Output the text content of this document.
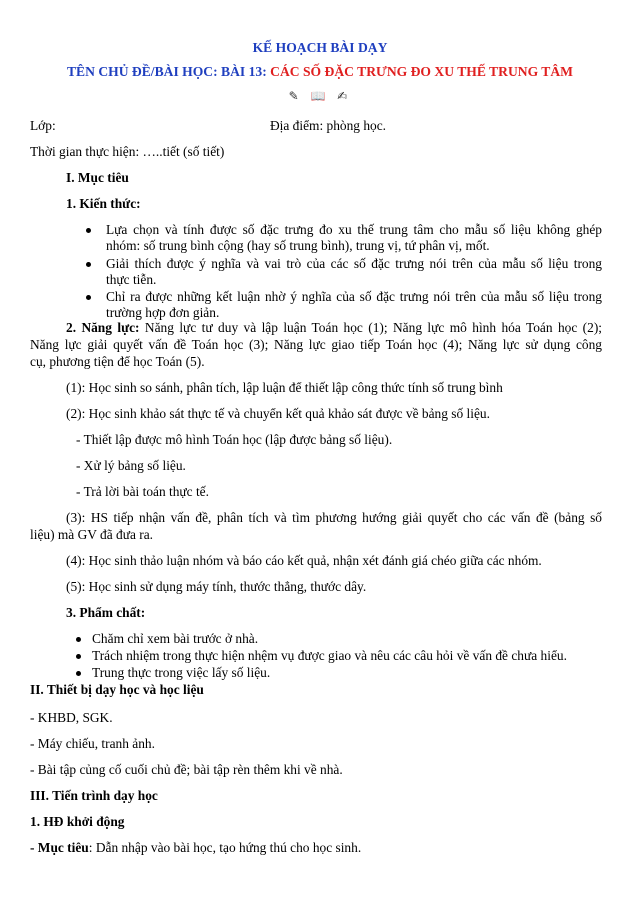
KẾ HOẠCH BÀI DẠY
TÊN CHỦ ĐỀ/BÀI HỌC: BÀI 13: CÁC SỐ ĐẶC TRƯNG ĐO XU THẾ TRUNG TÂM
✎ 📖 ✍
Lớp:	Địa điểm: phòng học.
Thời gian thực hiện: …..tiết (số tiết)
I. Mục tiêu
1. Kiến thức:
Lựa chọn và tính được số đặc trưng đo xu thế trung tâm cho mẫu số liệu không ghép
nhóm: số trung bình cộng (hay số trung bình), trung vị, tứ phân vị, mốt.
Giải thích được ý nghĩa và vai trò của các số đặc trưng nói trên của mẫu số liệu trong
thực tiễn.
Chỉ ra được những kết luận nhờ ý nghĩa của số đặc trưng nói trên của mẫu số liệu trong
trường hợp đơn giản.
2. Năng lực: Năng lực tư duy và lập luận Toán học (1); Năng lực mô hình hóa Toán học (2);
Năng lực giải quyết vấn đề Toán học (3); Năng lực giao tiếp Toán học (4); Năng lực sử dụng công
cụ, phương tiện để học Toán (5).
(1): Học sinh so sánh, phân tích, lập luận để thiết lập công thức tính số trung bình
(2): Học sinh khảo sát thực tế và chuyển kết quả khảo sát được về bảng số liệu.
- Thiết lập được mô hình Toán học (lập được bảng số liệu).
- Xử lý bảng số liệu.
- Trả lời bài toán thực tế.
(3): HS tiếp nhận vấn đề, phân tích và tìm phương hướng giải quyết cho các vấn đề (bảng số
liệu) mà GV đã đưa ra.
(4): Học sinh thảo luận nhóm và báo cáo kết quả, nhận xét đánh giá chéo giữa các nhóm.
(5): Học sinh sử dụng máy tính, thước thẳng, thước dây.
3. Phẩm chất:
Chăm chỉ xem bài trước ở nhà.
Trách nhiệm trong thực hiện nhệm vụ được giao và nêu các câu hỏi về vấn đề chưa hiểu.
Trung thực trong việc lấy số liệu.
II. Thiết bị dạy học và học liệu
- KHBD, SGK.
- Máy chiếu, tranh ảnh.
- Bài tập củng cố cuối chủ đề; bài tập rèn thêm khi về nhà.
III. Tiến trình dạy học
1. HĐ khởi động
- Mục tiêu: Dẫn nhập vào bài học, tạo hứng thú cho học sinh.
